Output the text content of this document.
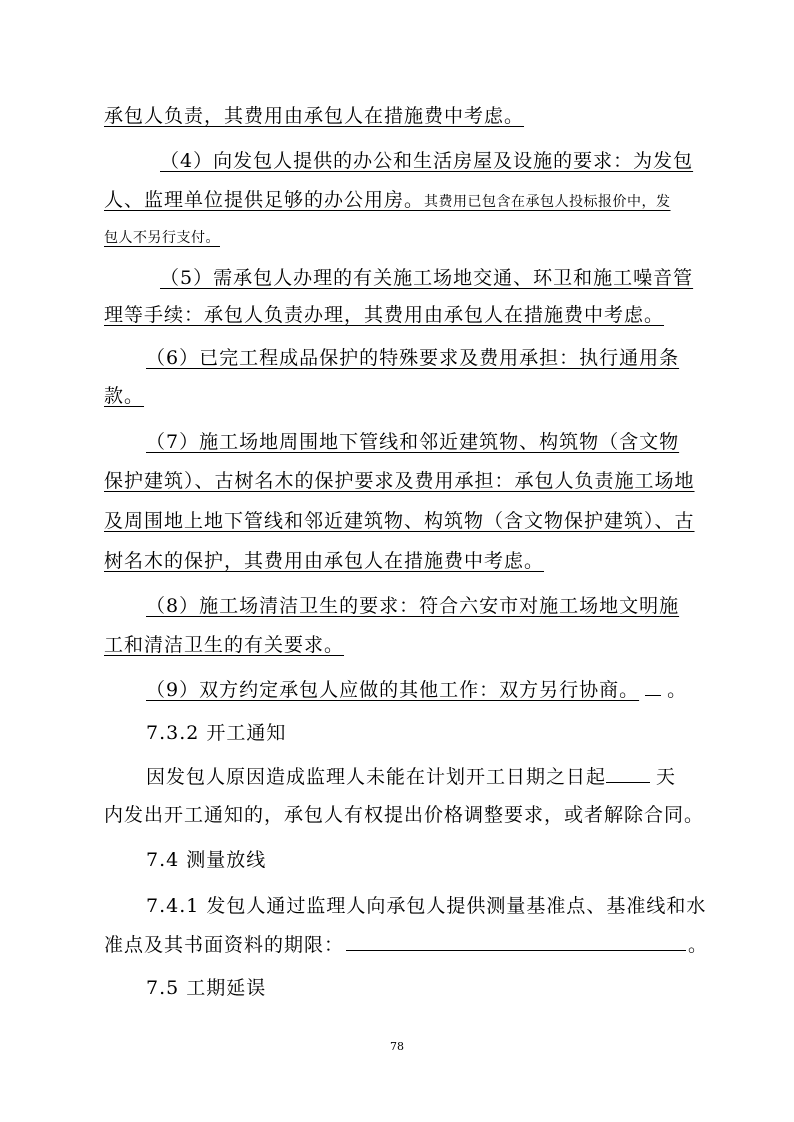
承包人负责，其费用由承包人在措施费中考虑。
（4）向发包人提供的办公和生活房屋及设施的要求：为发包
人、监理单位提供足够的办公用房。其费用已包含在承包人投标报价中，发
包人不另行支付。
（5）需承包人办理的有关施工场地交通、环卫和施工噪音管
理等手续：承包人负责办理，其费用由承包人在措施费中考虑。
（6）已完工程成品保护的特殊要求及费用承担：执行通用条
款。
（7）施工场地周围地下管线和邻近建筑物、构筑物（含文物
保护建筑）、古树名木的保护要求及费用承担：承包人负责施工场地
及周围地上地下管线和邻近建筑物、构筑物（含文物保护建筑）、古
树名木的保护，其费用由承包人在措施费中考虑。
（8）施工场清洁卫生的要求：符合六安市对施工场地文明施
工和清洁卫生的有关要求。
（9）双方约定承包人应做的其他工作：双方另行协商。 。
7.3.2 开工通知
因发包人原因造成监理人未能在计划开工日期之日起	天
内发出开工通知的，承包人有权提出价格调整要求，或者解除合同。
7.4 测量放线
7.4.1 发包人通过监理人向承包人提供测量基准点、基准线和水
准点及其书面资料的期限：	。
7.5 工期延误
78
